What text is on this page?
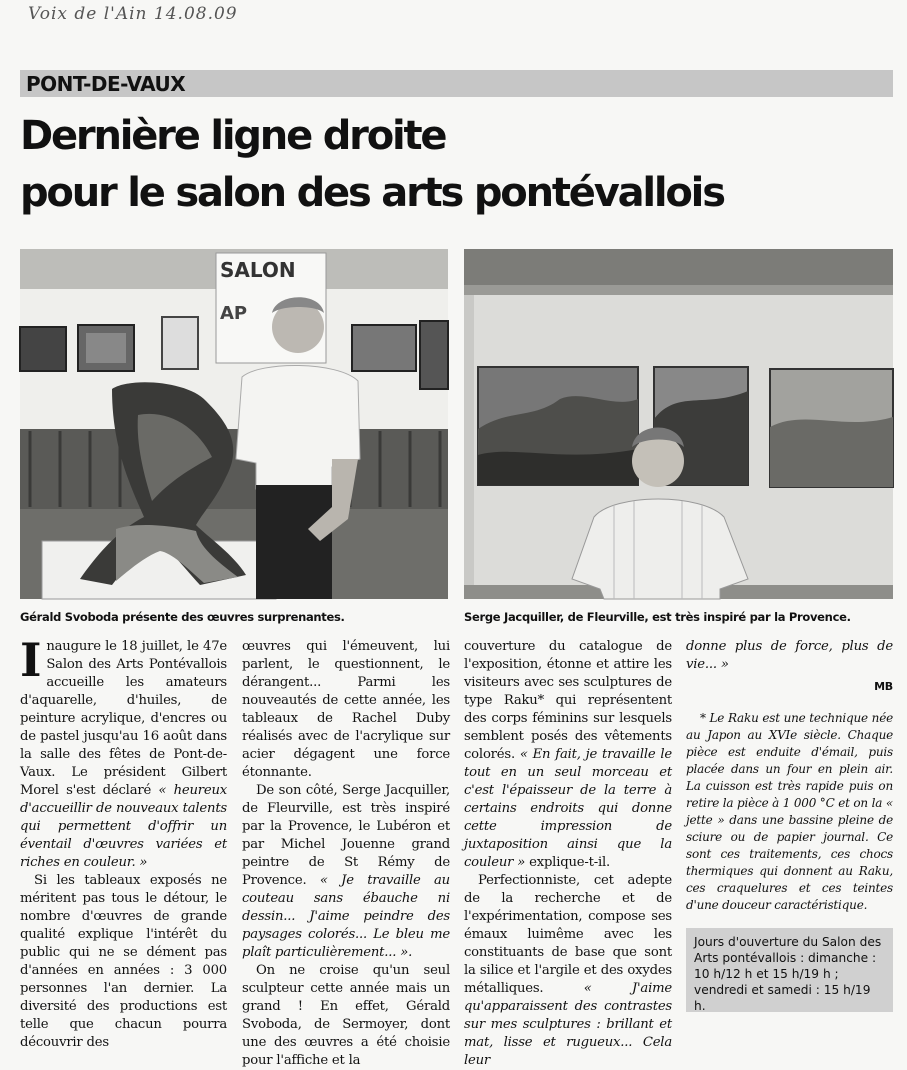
Voix de l'Ain 14.08.09
PONT-DE-VAUX
Dernière ligne droite
pour le salon des arts pontévallois
SALON
AP
Gérald Svoboda présente des œuvres surprenantes.	Serge Jacquiller, de Fleurville, est très inspiré par la Provence.

Inaugure le 18 juillet, le 47e Salon des Arts Pontévallois accueille les amateurs d'aquarelle, d'huiles, de peinture acrylique, d'encres ou de pastel jusqu'au 16 août dans la salle des fêtes de Pont-de-Vaux. Le président Gilbert Morel s'est déclaré « heureux d'accueillir de nouveaux talents qui permettent d'offrir un éventail d'œuvres variées et riches en couleur. »

Si les tableaux exposés ne méritent pas tous le détour, le nombre d'œuvres de grande qualité explique l'intérêt du public qui ne se dément pas d'années en années : 3 000 personnes l'an dernier. La diversité des productions est telle que chacun pourra découvrir des

œuvres qui l'émeuvent, lui parlent, le questionnent, le dérangent... Parmi les nouveautés de cette année, les tableaux de Rachel Duby réalisés avec de l'acrylique sur acier dégagent une force étonnante.

De son côté, Serge Jacquiller, de Fleurville, est très inspiré par la Provence, le Lubéron et par Michel Jouenne grand peintre de St Rémy de Provence. « Je travaille au couteau sans ébauche ni dessin... J'aime peindre des paysages colorés... Le bleu me plaît particulièrement... ».

On ne croise qu'un seul sculpteur cette année mais un grand ! En effet, Gérald Svoboda, de Sermoyer, dont une des œuvres a été choisie pour l'affiche et la

couverture du catalogue de l'exposition, étonne et attire les visiteurs avec ses sculptures de type Raku* qui représentent des corps féminins sur lesquels semblent posés des vêtements colorés. « En fait, je travaille le tout en un seul morceau et c'est l'épaisseur de la terre à certains endroits qui donne cette impression de juxtaposition ainsi que la couleur » explique-t-il.

Perfectionniste, cet adepte de la recherche et de l'expérimentation, compose ses émaux luimême avec les constituants de base que sont la silice et l'argile et des oxydes métalliques. « J'aime qu'apparaissent des contrastes sur mes sculptures : brillant et mat, lisse et rugueux... Cela leur

donne plus de force, plus de vie... »

MB

* Le Raku est une technique née au Japon au XVIe siècle. Chaque pièce est enduite d'émail, puis placée dans un four en plein air. La cuisson est très rapide puis on retire la pièce à 1 000 °C et on la « jette » dans une bassine pleine de sciure ou de papier journal. Ce sont ces traitements, ces chocs thermiques qui donnent au Raku, ces craquelures et ces teintes d'une douceur caractéristique.

Jours d'ouverture du Salon des Arts pontévallois : dimanche : 10 h/12 h et 15 h/19 h ; vendredi et samedi : 15 h/19 h.
